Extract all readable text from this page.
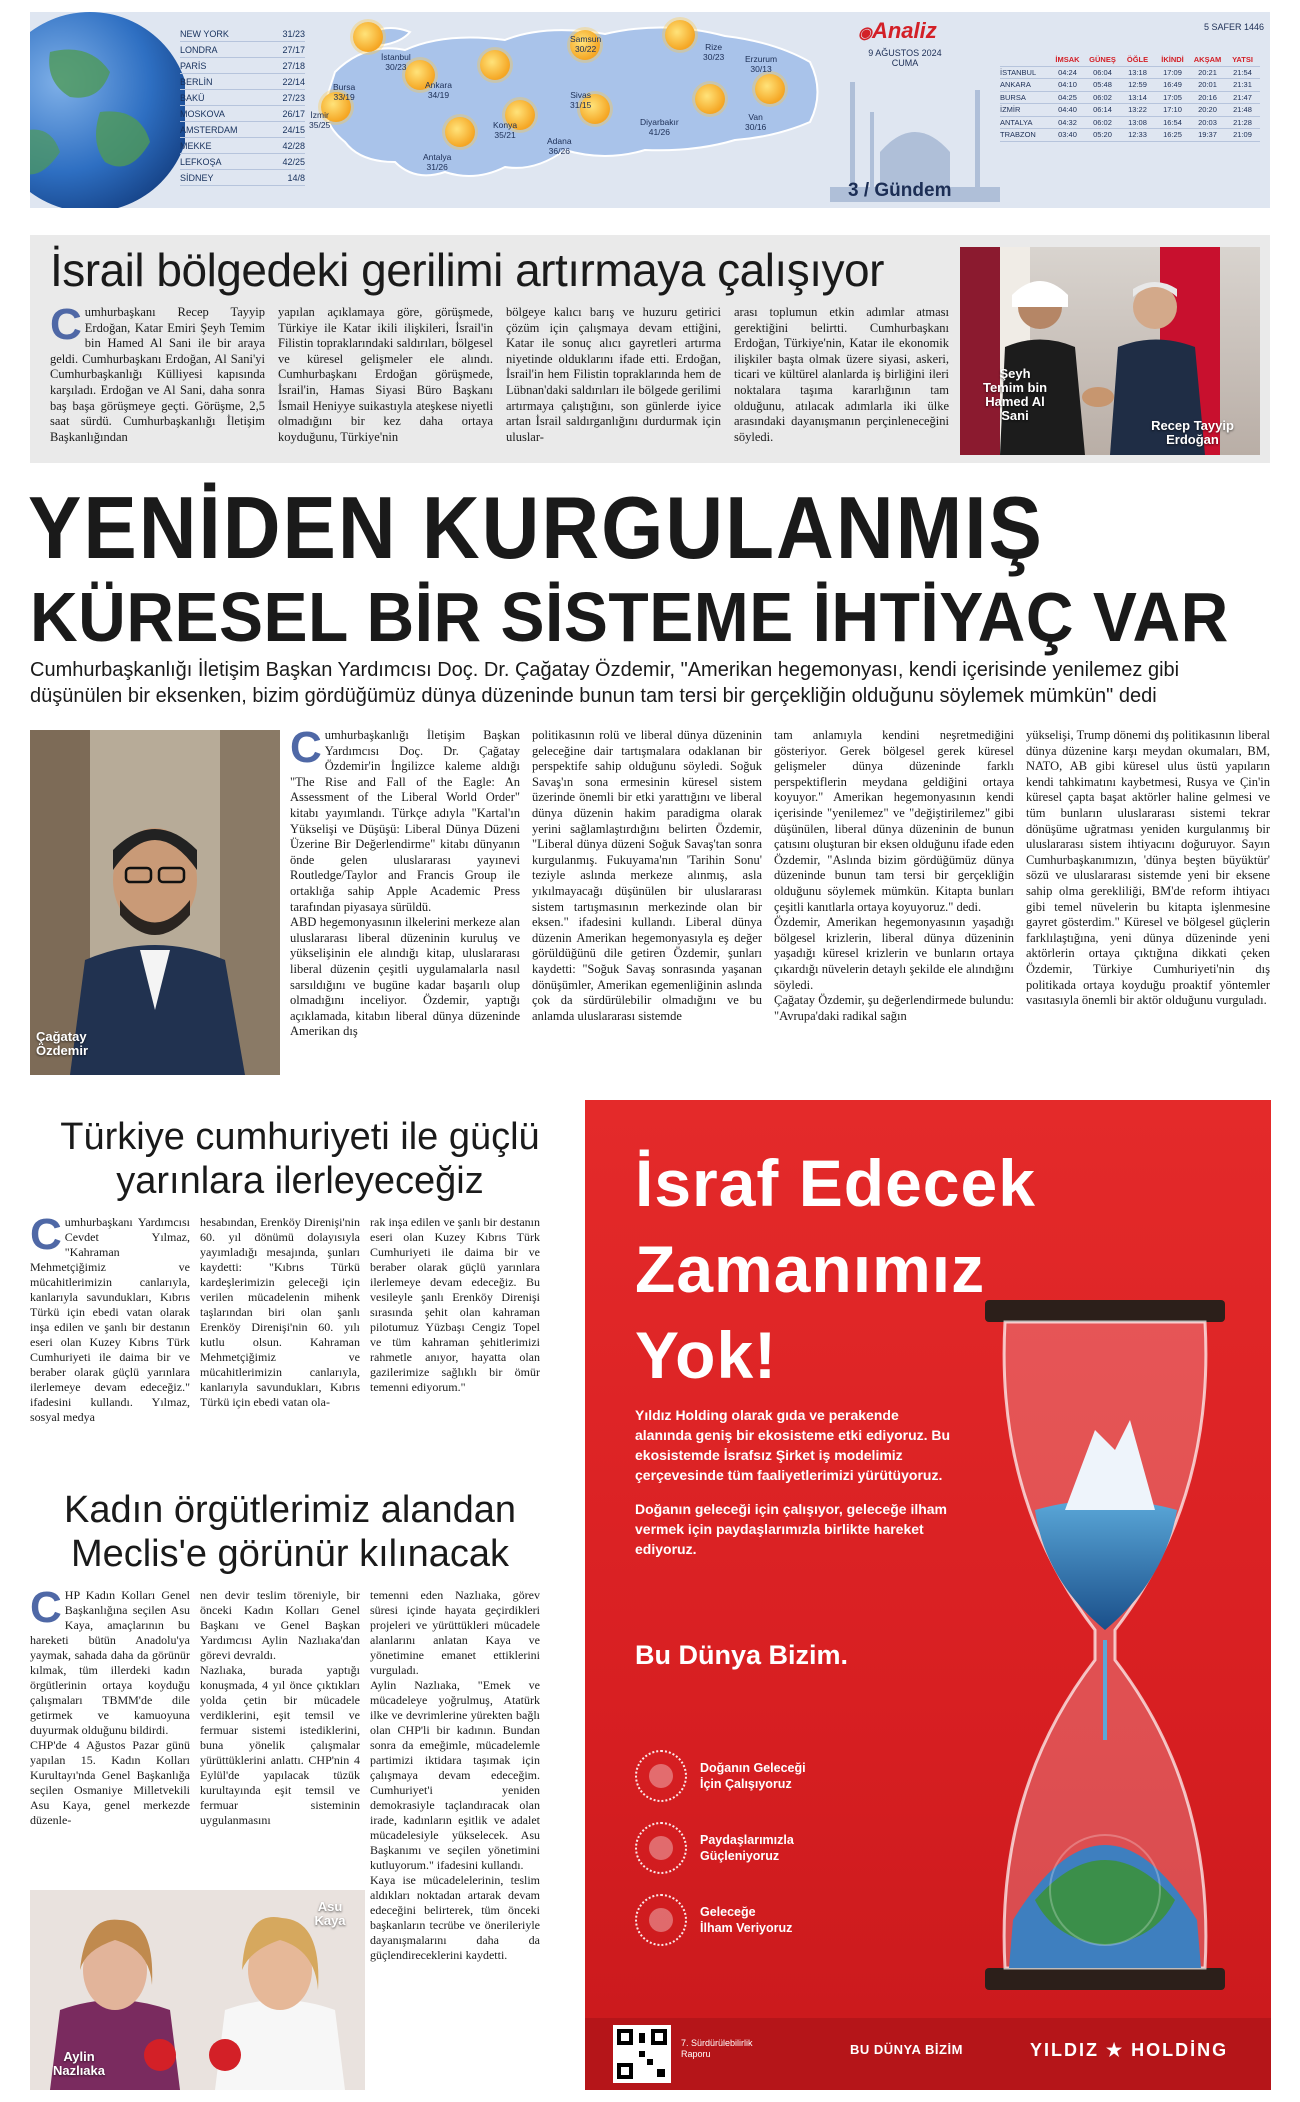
NEW YORK	31/23
LONDRA	27/17
PARİS	27/18
BERLİN	22/14
BAKÜ	27/23
MOSKOVA	26/17
AMSTERDAM	24/15
MEKKE	42/28
LEFKOŞA	42/25
SİDNEY	14/8
İstanbul
30/23
Bursa
33/19
İzmir
35/25
Ankara
34/19
Antalya
31/26
Konya
35/21
Samsun
30/22
Sivas
31/15
Adana
36/26
Rize
30/23 Erzurum
30/13
Diyarbakır
41/26
Van
30/16
◉Analiz
9 AĞUSTOS 2024
CUMA
5 SAFER 1446
İMSAK	GÜNEŞ	ÖĞLE	İKİNDİ	AKŞAM	YATSI
İSTANBUL	04:24	06:04	13:18	17:09	20:21	21:54
ANKARA	04:10	05:48	12:59	16:49	20:01	21:31
BURSA	04:25	06:02	13:14	17:05	20:16	21:47
İZMİR	04:40	06:14	13:22	17:10	20:20	21:48
ANTALYA	04:32	06:02	13:08	16:54	20:03	21:28
TRABZON	03:40	05:20	12:33	16:25	19:37	21:09
3 / Gündem
İsrail bölgedeki gerilimi artırmaya çalışıyor
Cumhurbaşkanı Recep Tayyip Erdoğan, Katar Emiri Şeyh Temim bin Hamed Al Sani ile bir araya geldi. Cumhurbaşkanı Erdoğan, Al Sani'yi Cumhurbaşkanlığı Külliyesi kapısında karşıladı. Erdoğan ve Al Sani, daha sonra baş başa görüşmeye geçti. Görüşme, 2,5 saat sürdü. Cumhurbaşkanlığı İletişim Başkanlığından
yapılan açıklamaya göre, görüşmede, Türkiye ile Katar ikili ilişkileri, İsrail'in Filistin topraklarındaki saldırıları, bölgesel ve küresel gelişmeler ele alındı. Cumhurbaşkanı Erdoğan görüşmede, İsrail'in, Hamas Siyasi Büro Başkanı İsmail Heniyye suikastıyla ateşkese niyetli olmadığını bir kez daha ortaya koyduğunu, Türkiye'nin
bölgeye kalıcı barış ve huzuru getirici çözüm için çalışmaya devam ettiğini, Katar ile sonuç alıcı gayretleri artırma niyetinde olduklarını ifade etti. Erdoğan, İsrail'in hem Filistin topraklarında hem de Lübnan'daki saldırıları ile bölgede gerilimi artırmaya çalıştığını, son günlerde iyice artan İsrail saldırganlığını durdurmak için uluslar-
arası toplumun etkin adımlar atması gerektiğini belirtti. Cumhurbaşkanı Erdoğan, Türkiye'nin, Katar ile ekonomik ilişkiler başta olmak üzere siyasi, askeri, ticari ve kültürel alanlarda iş birliğini ileri noktalara taşıma kararlığının tam olduğunu, atılacak adımlarla iki ülke arasındaki dayanışmanın perçinleneceğini söyledi.
Şeyh
Temim bin
Hamed Al
Sani
Recep Tayyip
Erdoğan
YENİDEN KURGULANMIŞ
KÜRESEL BİR SİSTEME İHTİYAÇ VAR
Cumhurbaşkanlığı İletişim Başkan Yardımcısı Doç. Dr. Çağatay Özdemir, "Amerikan hegemonyası, kendi içerisinde yenilemez gibi düşünülen bir eksenken, bizim gördüğümüz dünya düzeninde bunun tam tersi bir gerçekliğin olduğunu söylemek mümkün" dedi
Çağatay
Özdemir
Cumhurbaşkanlığı İletişim Başkan Yardımcısı Doç. Dr. Çağatay Özdemir'in İngilizce kaleme aldığı "The Rise and Fall of the Eagle: An Assessment of the Liberal World Order" kitabı yayımlandı. Türkçe adıyla "Kartal'ın Yükselişi ve Düşüşü: Liberal Dünya Düzeni Üzerine Bir Değerlendirme" kitabı dünyanın önde gelen uluslararası yayınevi Routledge/Taylor and Francis Group ile ortaklığa sahip Apple Academic Press tarafından piyasaya sürüldü.
ABD hegemonyasının ilkelerini merkeze alan uluslararası liberal düzeninin kuruluş ve yükselişinin ele alındığı kitap, uluslararası liberal düzenin çeşitli uygulamalarla nasıl sarsıldığını ve bugüne kadar başarılı olup olmadığını inceliyor. Özdemir, yaptığı açıklamada, kitabın liberal dünya düzeninde Amerikan dış
politikasının rolü ve liberal dünya düzeninin geleceğine dair tartışmalara odaklanan bir perspektife sahip olduğunu söyledi. Soğuk Savaş'ın sona ermesinin küresel sistem üzerinde önemli bir etki yarattığını ve liberal dünya düzenin hakim paradigma olarak yerini sağlamlaştırdığını belirten Özdemir, "Liberal dünya düzeni Soğuk Savaş'tan sonra kurgulanmış. Fukuyama'nın 'Tarihin Sonu' teziyle aslında merkeze alınmış, asla yıkılmayacağı düşünülen bir uluslararası sistem tartışmasının merkezinde olan bir eksen." ifadesini kullandı. Liberal dünya düzenin Amerikan hegemonyasıyla eş değer görüldüğünü dile getiren Özdemir, şunları kaydetti: "Soğuk Savaş sonrasında yaşanan dönüşümler, Amerikan egemenliğinin aslında çok da sürdürülebilir olmadığını ve bu anlamda uluslararası sistemde
tam anlamıyla kendini neşretmediğini gösteriyor. Gerek bölgesel gerek küresel gelişmeler dünya düzeninde farklı perspektiflerin meydana geldiğini ortaya koyuyor." Amerikan hegemonyasının kendi içerisinde "yenilemez" ve "değiştirilemez" gibi düşünülen, liberal dünya düzeninin de bunun çatısını oluşturan bir eksen olduğunu ifade eden Özdemir, "Aslında bizim gördüğümüz dünya düzeninde bunun tam tersi bir gerçekliğin olduğunu söylemek mümkün. Kitapta bunları çeşitli kanıtlarla ortaya koyuyoruz." dedi.
Özdemir, Amerikan hegemonyasının yaşadığı bölgesel krizlerin, liberal dünya düzeninin yaşadığı küresel krizlerin ve bunların ortaya çıkardığı nüvelerin detaylı şekilde ele alındığını söyledi.
Çağatay Özdemir, şu değerlendirmede bulundu: "Avrupa'daki radikal sağın
yükselişi, Trump dönemi dış politikasının liberal dünya düzenine karşı meydan okumaları, BM, NATO, AB gibi küresel ulus üstü yapıların kendi tahkimatını kaybetmesi, Rusya ve Çin'in küresel çapta başat aktörler haline gelmesi ve tüm bunların uluslararası sistemi tekrar dönüşüme uğratması yeniden kurgulanmış bir uluslararası sistem ihtiyacını doğuruyor. Sayın Cumhurbaşkanımızın, 'dünya beşten büyüktür' sözü ve uluslararası sistemde yeni bir eksene sahip olma gerekliliği, BM'de reform ihtiyacı gibi temel nüvelerin bu kitapta işlenmesine gayret gösterdim." Küresel ve bölgesel güçlerin farklılaştığına, yeni dünya düzeninde yeni aktörlerin ortaya çıktığına dikkati çeken Özdemir, Türkiye Cumhuriyeti'nin dış politikada ortaya koyduğu proaktif yöntemler vasıtasıyla önemli bir aktör olduğunu vurguladı.
Türkiye cumhuriyeti ile güçlü yarınlara ilerleyeceğiz
Cumhurbaşkanı Yardımcısı Cevdet Yılmaz, "Kahraman Mehmetçiğimiz ve mücahitlerimizin canlarıyla, kanlarıyla savundukları, Kıbrıs Türkü için ebedi vatan olarak inşa edilen ve şanlı bir destanın eseri olan Kuzey Kıbrıs Türk Cumhuriyeti ile daima bir ve beraber olarak güçlü yarınlara ilerlemeye devam edeceğiz." ifadesini kullandı. Yılmaz, sosyal medya
hesabından, Erenköy Direnişi'nin 60. yıl dönümü dolayısıyla yayımladığı mesajında, şunları kaydetti: "Kıbrıs Türkü kardeşlerimizin geleceği için verilen mücadelenin mihenk taşlarından biri olan şanlı Erenköy Direnişi'nin 60. yılı kutlu olsun. Kahraman Mehmetçiğimiz ve mücahitlerimizin canlarıyla, kanlarıyla savundukları, Kıbrıs Türkü için ebedi vatan ola-
rak inşa edilen ve şanlı bir destanın eseri olan Kuzey Kıbrıs Türk Cumhuriyeti ile daima bir ve beraber olarak güçlü yarınlara ilerlemeye devam edeceğiz. Bu vesileyle şanlı Erenköy Direnişi sırasında şehit olan kahraman pilotumuz Yüzbaşı Cengiz Topel ve tüm kahraman şehitlerimizi rahmetle anıyor, hayatta olan gazilerimize sağlıklı bir ömür temenni ediyorum."
Kadın örgütlerimiz alandan Meclis'e görünür kılınacak
CHP Kadın Kolları Genel Başkanlığına seçilen Asu Kaya, amaçlarının bu hareketi bütün Anadolu'ya yaymak, sahada daha da görünür kılmak, tüm illerdeki kadın örgütlerinin ortaya koyduğu çalışmaları TBMM'de dile getirmek ve kamuoyuna duyurmak olduğunu bildirdi.
CHP'de 4 Ağustos Pazar günü yapılan 15. Kadın Kolları Kurultayı'nda Genel Başkanlığa seçilen Osmaniye Milletvekili Asu Kaya, genel merkezde düzenle-
nen devir teslim töreniyle, bir önceki Kadın Kolları Genel Başkanı ve Genel Başkan Yardımcısı Aylin Nazlıaka'dan görevi devraldı.
Nazlıaka, burada yaptığı konuşmada, 4 yıl önce çıktıkları yolda çetin bir mücadele verdiklerini, eşit temsil ve fermuar sistemi istediklerini, buna yönelik çalışmalar yürüttüklerini anlattı. CHP'nin 4 Eylül'de yapılacak tüzük kurultayında eşit temsil ve fermuar sisteminin uygulanmasını
temenni eden Nazlıaka, görev süresi içinde hayata geçirdikleri projeleri ve yürüttükleri mücadele alanlarını anlatan Kaya ve yönetimine emanet ettiklerini vurguladı.
Aylin Nazlıaka, "Emek ve mücadeleye yoğrulmuş, Atatürk ilke ve devrimlerine yürekten bağlı olan CHP'li bir kadının. Bundan sonra da emeğimle, mücadelemle partimizi iktidara taşımak için çalışmaya devam edeceğim. Cumhuriyet'i yeniden demokrasiyle taçlandıracak olan irade, kadınların eşitlik ve adalet mücadelesiyle yükselecek. Asu Başkanımı ve seçilen yönetimini kutluyorum." ifadesini kullandı.
Kaya ise mücadelelerinin, teslim aldıkları noktadan artarak devam edeceğini belirterek, tüm önceki başkanların tecrübe ve önerileriyle dayanışmalarını daha da güçlendireceklerini kaydetti.
Aylin
Nazlıaka
Asu
Kaya
İsraf Edecek
Zamanımız
Yok!

Yıldız Holding olarak gıda ve perakende alanında geniş bir ekosisteme etki ediyoruz. Bu ekosistemde İsrafsız Şirket iş modelimiz çerçevesinde tüm faaliyetlerimizi yürütüyoruz.

Doğanın geleceği için çalışıyor, geleceğe ilham vermek için paydaşlarımızla birlikte hareket ediyoruz.

Bu Dünya Bizim.
Doğanın Geleceği
İçin Çalışıyoruz
Paydaşlarımızla
Güçleniyoruz
Geleceğe
İlham Veriyoruz
7. Sürdürülebilirlik
Raporu	BU DÜNYA BİZİM	YILDIZ ★ HOLDİNG
